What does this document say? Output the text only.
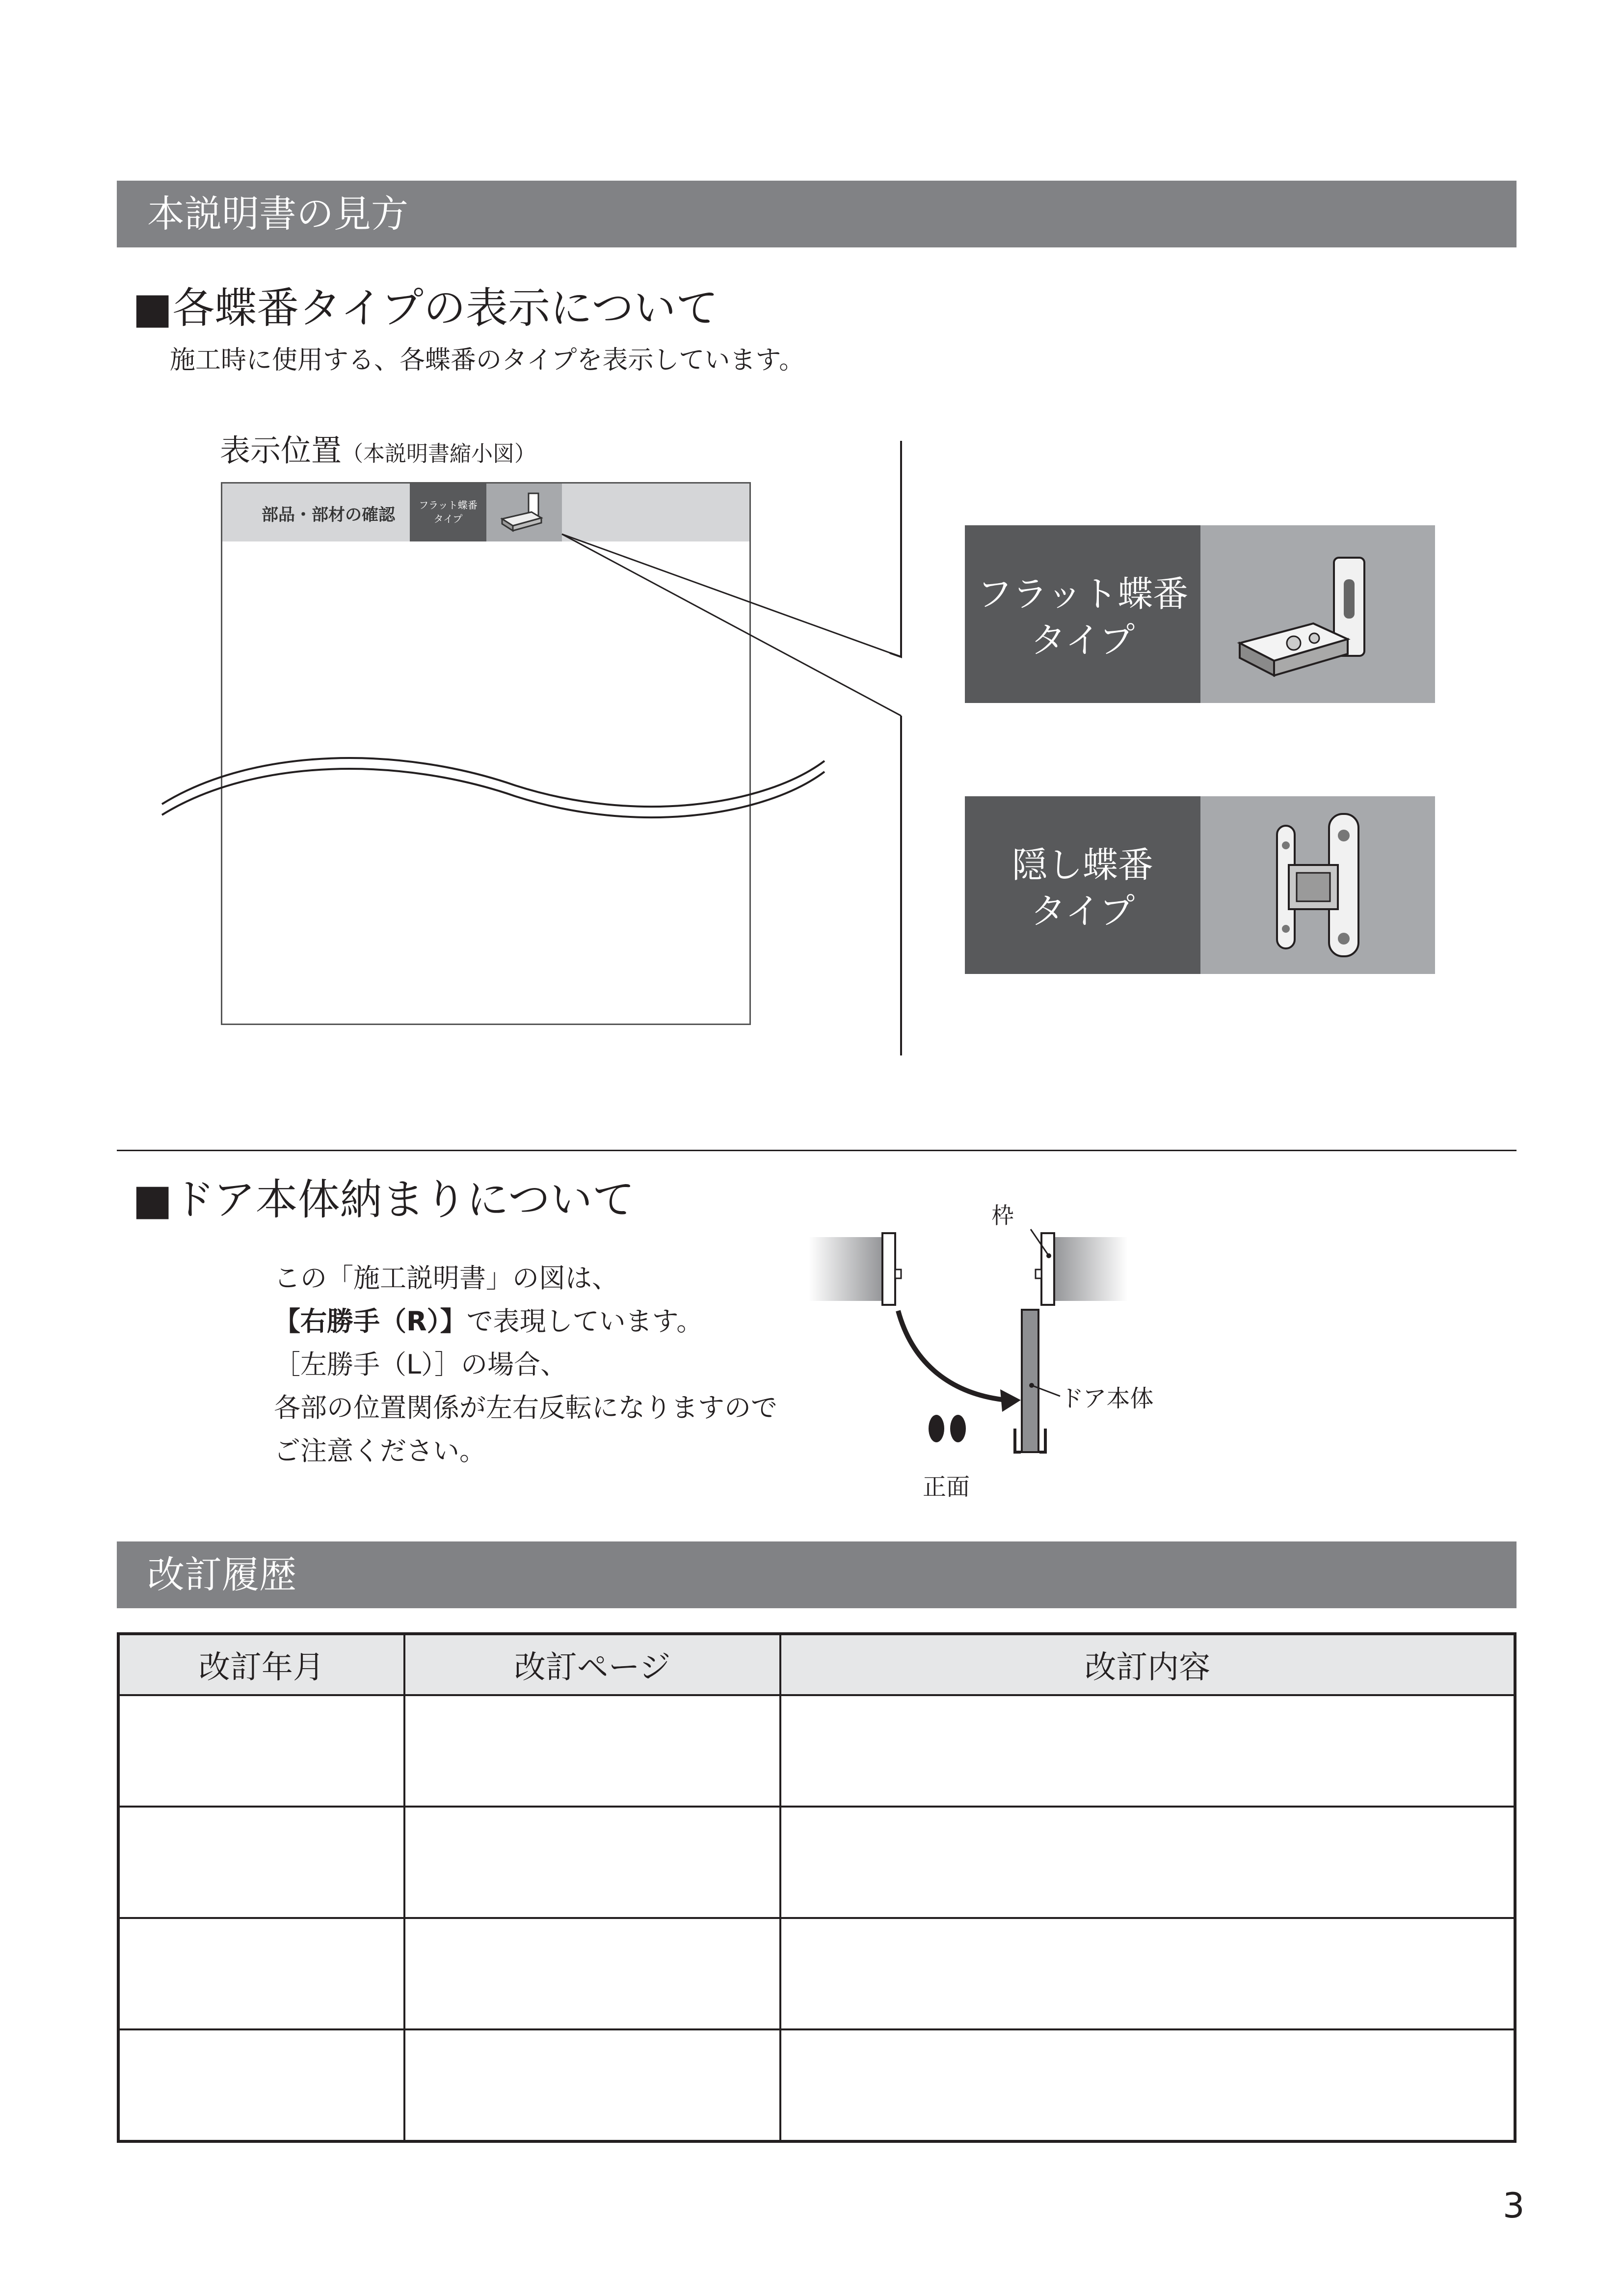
本説明書の見方
■各蝶番タイプの表示について
施工時に使用する、各蝶番のタイプを表示しています。
表示位置（本説明書縮小図）
部品・部材の確認	フラット蝶番
タイプ
フラット蝶番
タイプ
隠し蝶番
タイプ
■ドア本体納まりについて
この「施工説明書」の図は、
【右勝手（R）】で表現しています。
［左勝手（L）］の場合、
各部の位置関係が左右反転になりますので
ご注意ください。
枠
ドア本体
正面
改訂履歴
改訂年月	改訂ページ	改訂内容

3
